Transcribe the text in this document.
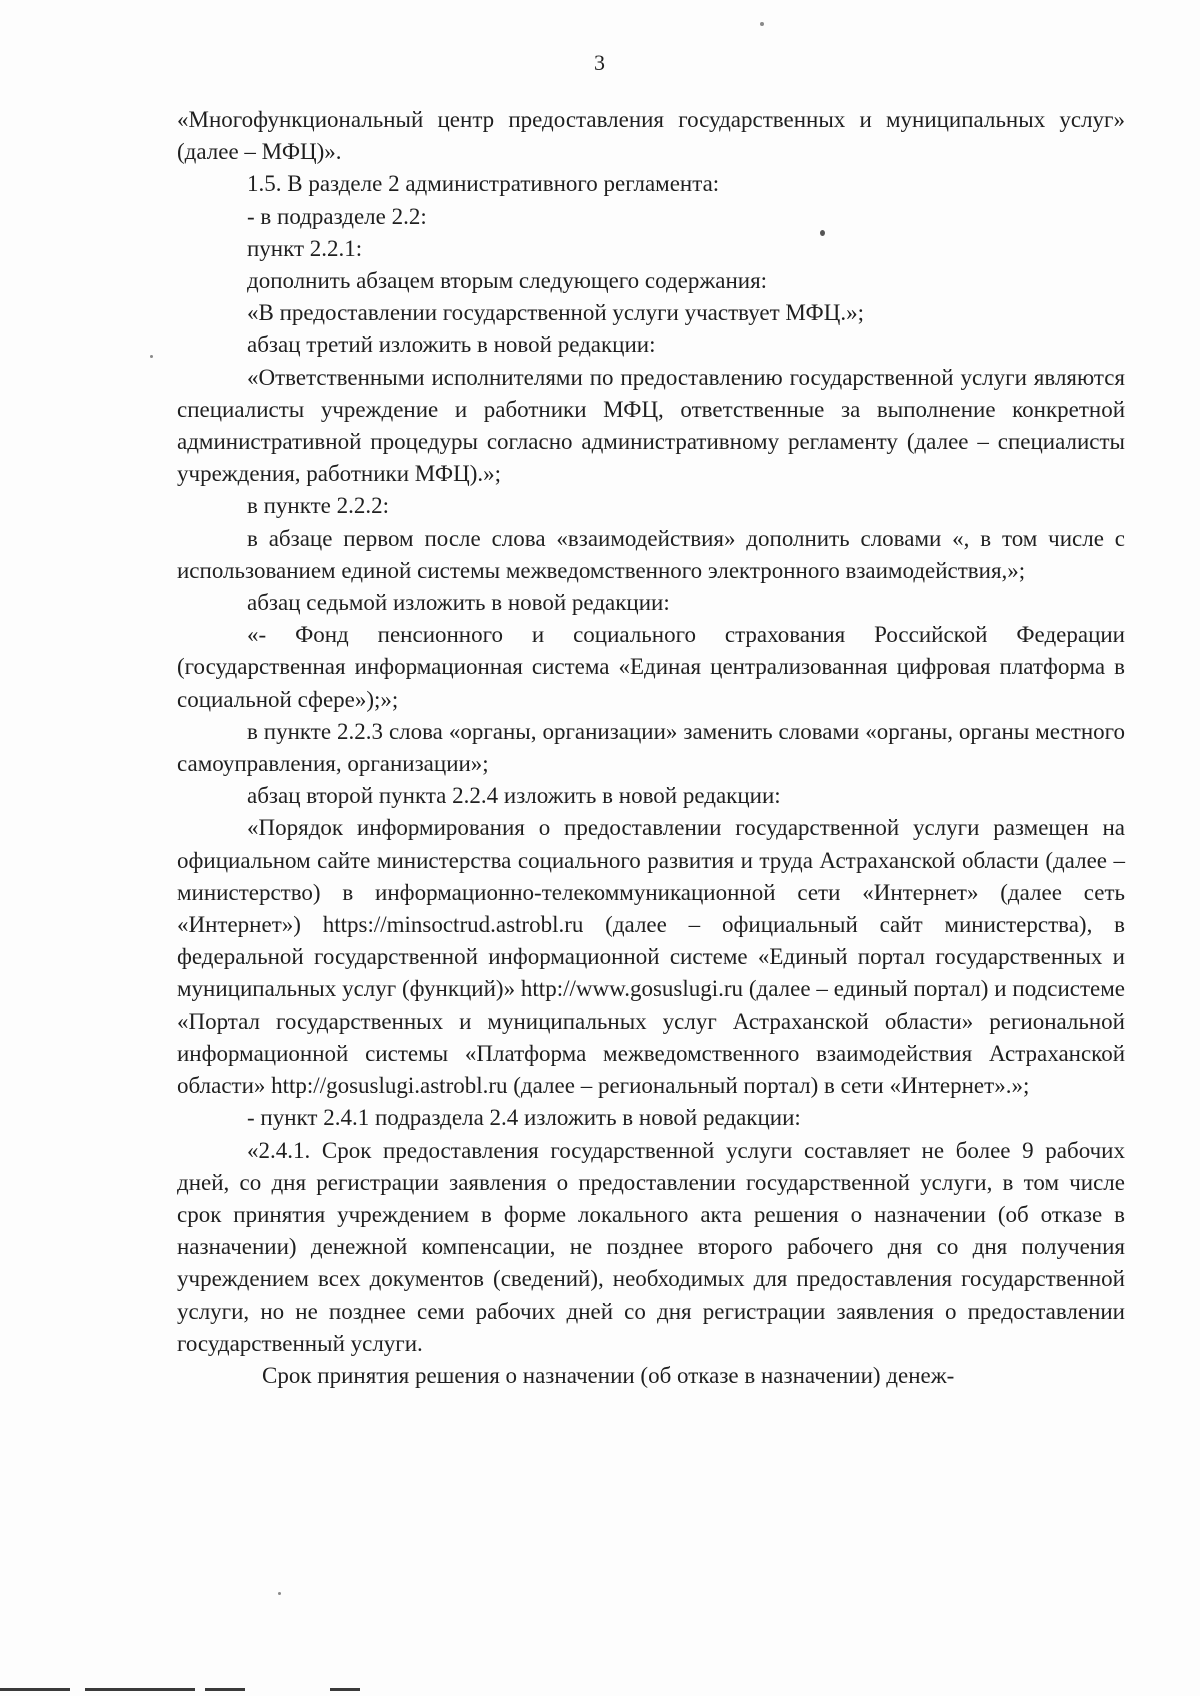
3

«Многофункциональный центр предоставления государственных и муниципальных услуг» (далее – МФЦ)».

1.5. В разделе 2 административного регламента:

- в подразделе 2.2:

пункт 2.2.1:

дополнить абзацем вторым следующего содержания:

«В предоставлении государственной услуги участвует МФЦ.»;

абзац третий изложить в новой редакции:

«Ответственными исполнителями по предоставлению государственной услуги являются специалисты учреждение и работники МФЦ, ответственные за выполнение конкретной административной процедуры согласно административному регламенту (далее – специалисты учреждения, работники МФЦ).»;

в пункте 2.2.2:

в абзаце первом после слова «взаимодействия» дополнить словами «, в том числе с использованием единой системы межведомственного электронного взаимодействия,»;

абзац седьмой изложить в новой редакции:

«- Фонд пенсионного и социального страхования Российской Федерации (государственная информационная система «Единая централизованная цифровая платформа в социальной сфере»);»;

в пункте 2.2.3 слова «органы, организации» заменить словами «органы, органы местного самоуправления, организации»;

абзац второй пункта 2.2.4 изложить в новой редакции:

«Порядок информирования о предоставлении государственной услуги размещен на официальном сайте министерства социального развития и труда Астраханской области (далее – министерство) в информационно-телекоммуникационной сети «Интернет» (далее сеть «Интернет») https://minsoctrud.astrobl.ru (далее – официальный сайт министерства), в федеральной государственной информационной системе «Единый портал государственных и муниципальных услуг (функций)» http://www.gosuslugi.ru (далее – единый портал) и подсистеме «Портал государственных и муниципальных услуг Астраханской области» региональной информационной системы «Платформа межведомственного взаимодействия Астраханской области» http://gosuslugi.astrobl.ru (далее – региональный портал) в сети «Интернет».»;

- пункт 2.4.1 подраздела 2.4 изложить в новой редакции:

«2.4.1. Срок предоставления государственной услуги составляет не более 9 рабочих дней, со дня регистрации заявления о предоставлении государственной услуги, в том числе срок принятия учреждением в форме локального акта решения о назначении (об отказе в назначении) денежной компенсации, не позднее второго рабочего дня со дня получения учреждением всех документов (сведений), необходимых для предоставления государственной услуги, но не позднее семи рабочих дней со дня регистрации заявления о предоставлении государственный услуги.

Срок принятия решения о назначении (об отказе в назначении) денеж-
